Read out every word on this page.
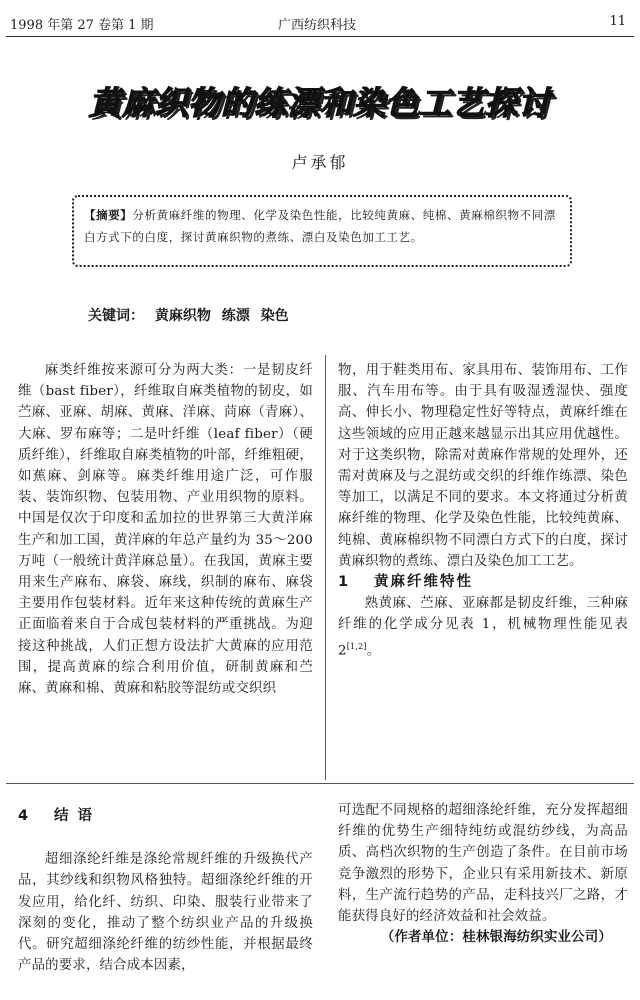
1998 年第 27 卷第 1 期	广西纺织科技	11
黄麻织物的练漂和染色工艺探讨
卢承郁
【摘要】分析黄麻纤维的物理、化学及染色性能，比较纯黄麻、纯棉、黄麻棉织物不同漂白方式下的白度，探讨黄麻织物的煮练、漂白及染色加工工艺。
关键词： 黄麻织物 练漂 染色

麻类纤维按来源可分为两大类：一是韧皮纤维（bast fiber），纤维取自麻类植物的韧皮，如苎麻、亚麻、胡麻、黄麻、洋麻、苘麻（青麻）、大麻、罗布麻等；二是叶纤维（leaf fiber）（硬质纤维），纤维取自麻类植物的叶部，纤维粗硬，如蕉麻、剑麻等。麻类纤维用途广泛，可作服装、装饰织物、包装用物、产业用织物的原料。中国是仅次于印度和孟加拉的世界第三大黄洋麻生产和加工国，黄洋麻的年总产量约为 35～200 万吨（一般统计黄洋麻总量）。在我国，黄麻主要用来生产麻布、麻袋、麻线，织制的麻布、麻袋主要用作包装材料。近年来这种传统的黄麻生产正面临着来自于合成包装材料的严重挑战。为迎接这种挑战，人们正想方设法扩大黄麻的应用范围，提高黄麻的综合利用价值，研制黄麻和苎麻、黄麻和棉、黄麻和粘胶等混纺或交织织

物，用于鞋类用布、家具用布、装饰用布、工作服、汽车用布等。由于具有吸湿透湿快、强度高、伸长小、物理稳定性好等特点，黄麻纤维在这些领域的应用正越来越显示出其应用优越性。对于这类织物，除需对黄麻作常规的处理外，还需对黄麻及与之混纺或交织的纤维作练漂、染色等加工，以满足不同的要求。本文将通过分析黄麻纤维的物理、化学及染色性能，比较纯黄麻、纯棉、黄麻棉织物不同漂白方式下的白度，探讨黄麻织物的煮练、漂白及染色加工工艺。

1 黄麻纤维特性

熟黄麻、苎麻、亚麻都是韧皮纤维，三种麻纤维的化学成分见表 1，机械物理性能见表 2[1,2]。

4 结 语

超细涤纶纤维是涤纶常规纤维的升级换代产品，其纱线和织物风格独特。超细涤纶纤维的开发应用，给化纤、纺织、印染、服装行业带来了深刻的变化，推动了整个纺织业产品的升级换代。研究超细涤纶纤维的纺纱性能，并根据最终产品的要求，结合成本因素，

可选配不同规格的超细涤纶纤维，充分发挥超细纤维的优势生产细特纯纺或混纺纱线，为高品质、高档次织物的生产创造了条件。在目前市场竞争激烈的形势下，企业只有采用新技术、新原料，生产流行趋势的产品，走科技兴厂之路，才能获得良好的经济效益和社会效益。

（作者单位：桂林银海纺织实业公司）
